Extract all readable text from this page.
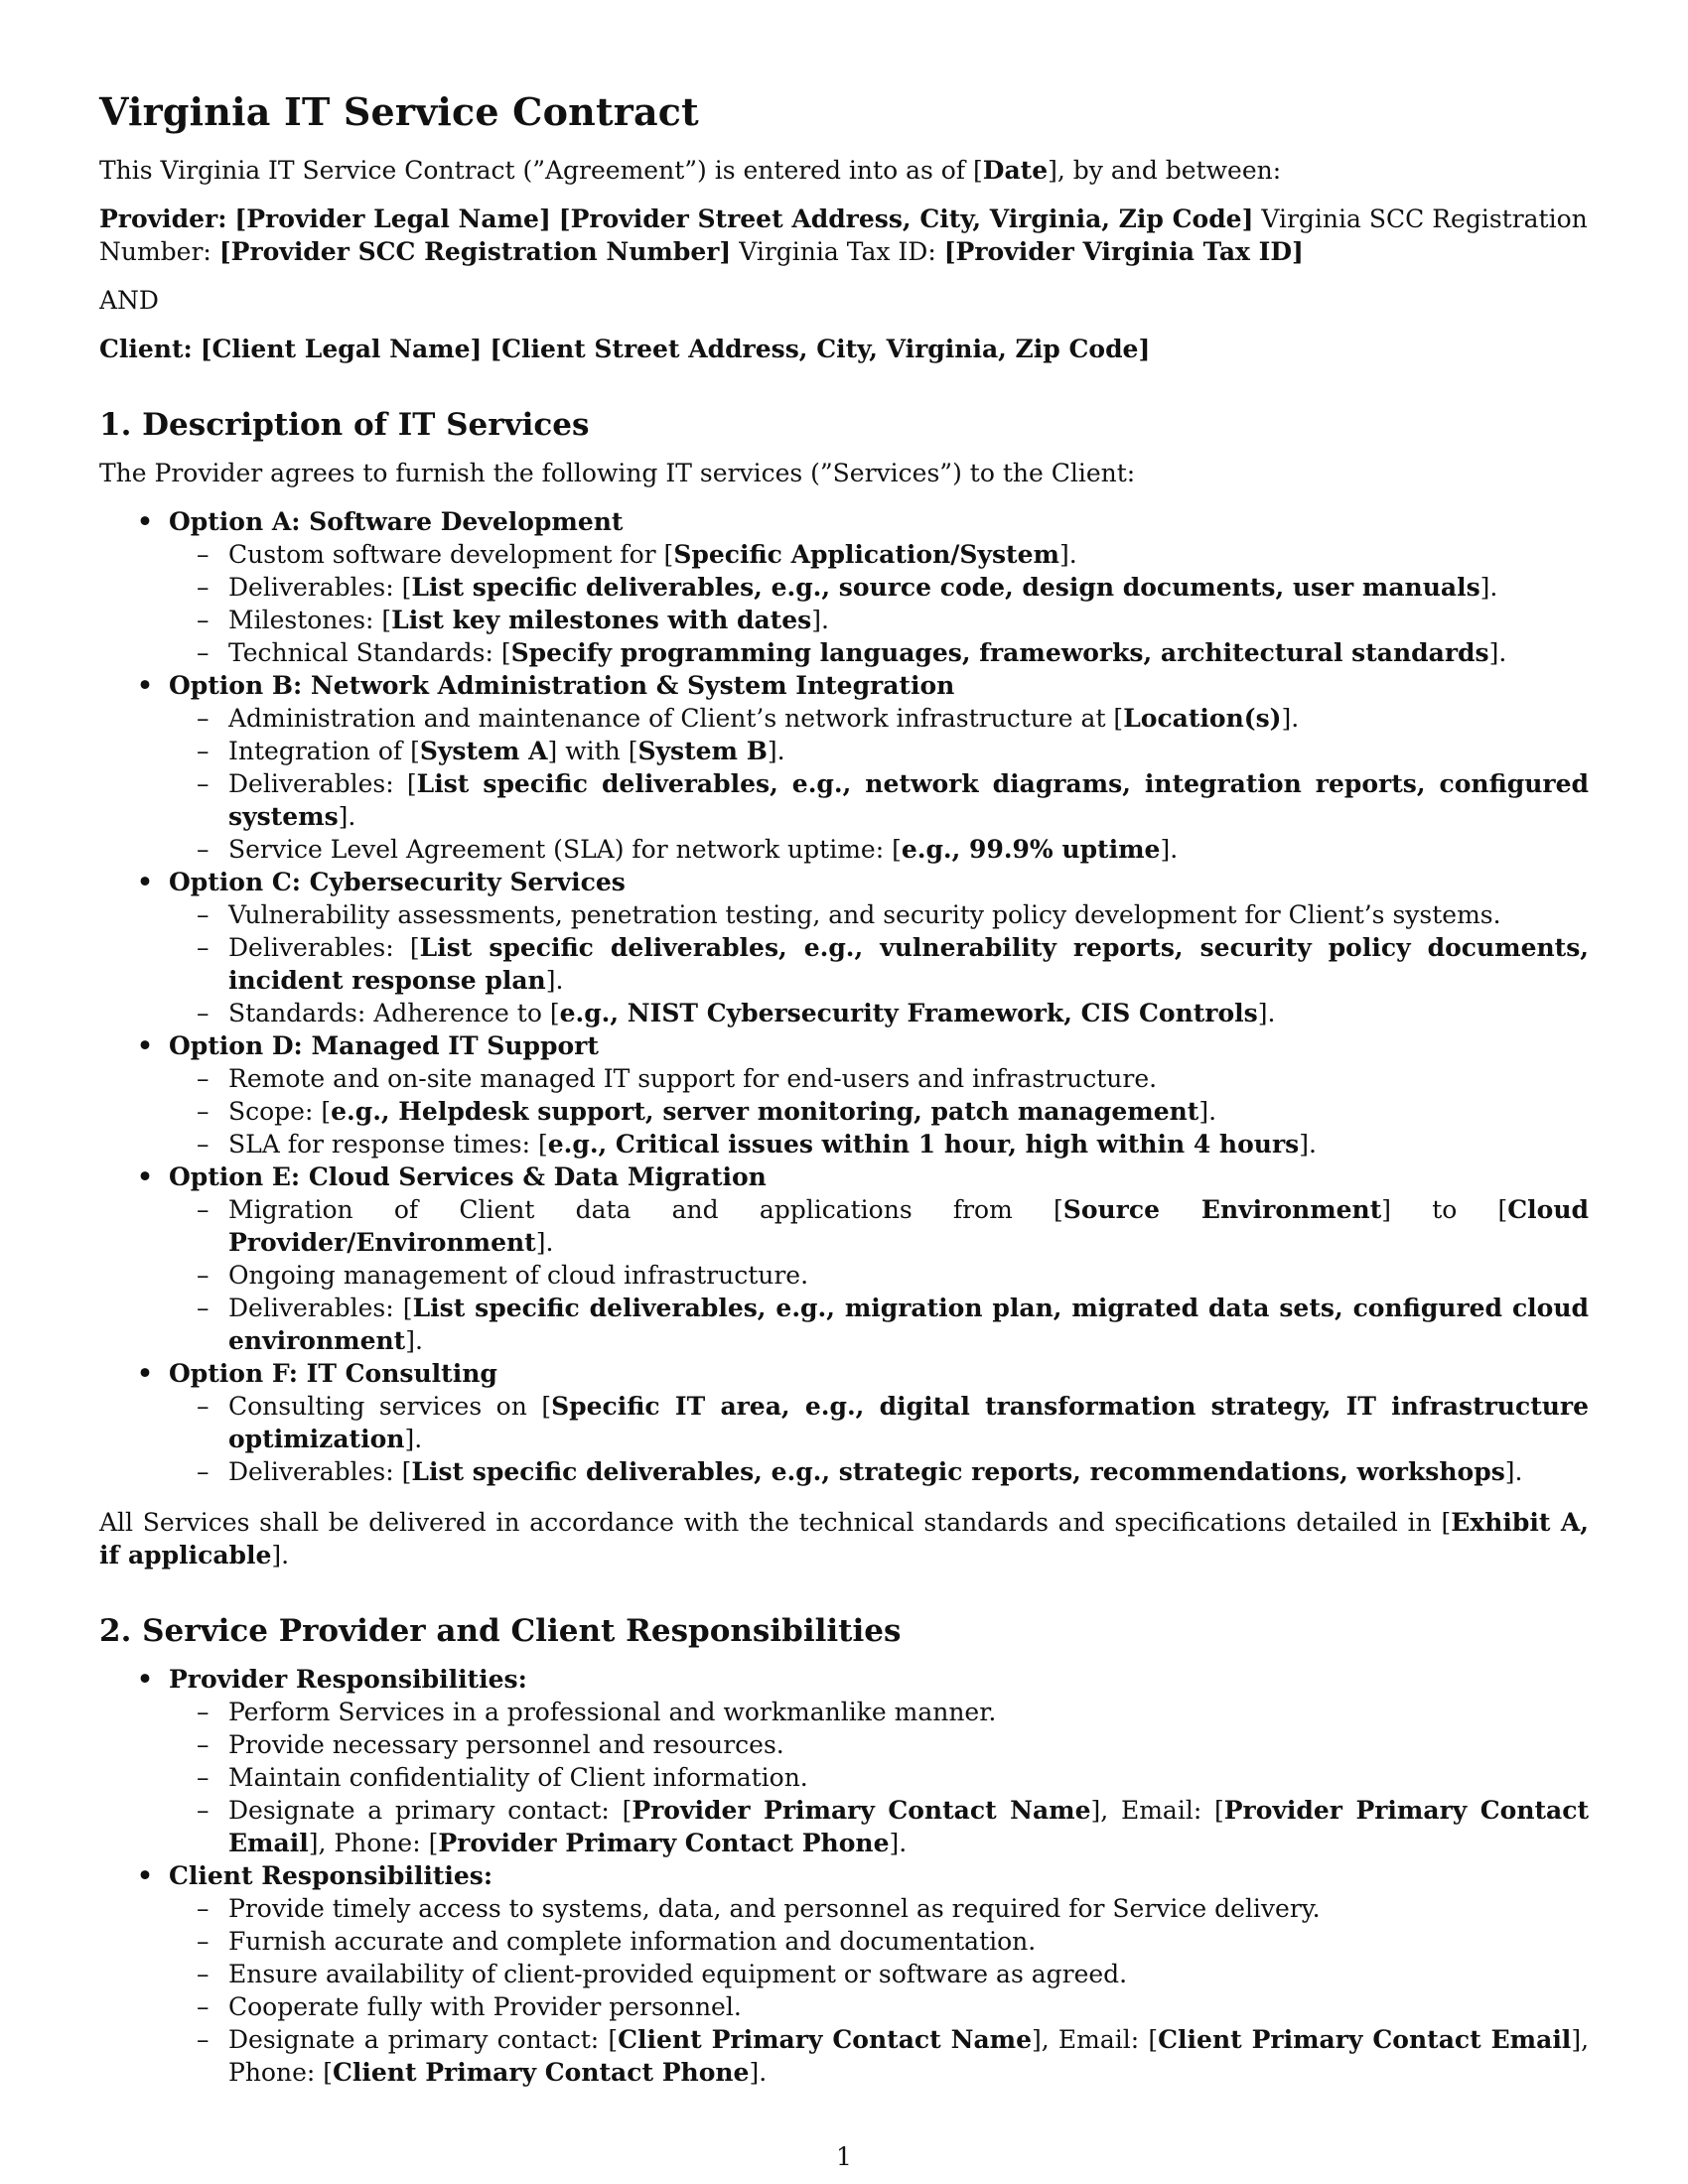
Virginia IT Service Contract

This Virginia IT Service Contract (”Agreement”) is entered into as of [Date], by and between:

Provider: [Provider Legal Name] [Provider Street Address, City, Virginia, Zip Code] Virginia SCC Registration Number: [Provider SCC Registration Number] Virginia Tax ID: [Provider Virginia Tax ID]

AND

Client: [Client Legal Name] [Client Street Address, City, Virginia, Zip Code]

1. Description of IT Services

The Provider agrees to furnish the following IT services (”Services”) to the Client:

• Option A: Software Development
– Custom software development for [Specific Application/System].
– Deliverables: [List specific deliverables, e.g., source code, design documents, user manuals].
– Milestones: [List key milestones with dates].
– Technical Standards: [Specify programming languages, frameworks, architectural standards].
• Option B: Network Administration & System Integration
– Administration and maintenance of Client’s network infrastructure at [Location(s)].
– Integration of [System A] with [System B].
– Deliverables: [List specific deliverables, e.g., network diagrams, integration reports, configured systems].
– Service Level Agreement (SLA) for network uptime: [e.g., 99.9% uptime].
• Option C: Cybersecurity Services
– Vulnerability assessments, penetration testing, and security policy development for Client’s systems.
– Deliverables: [List specific deliverables, e.g., vulnerability reports, security policy documents, incident response plan].
– Standards: Adherence to [e.g., NIST Cybersecurity Framework, CIS Controls].
• Option D: Managed IT Support
– Remote and on-site managed IT support for end-users and infrastructure.
– Scope: [e.g., Helpdesk support, server monitoring, patch management].
– SLA for response times: [e.g., Critical issues within 1 hour, high within 4 hours].
• Option E: Cloud Services & Data Migration
– Migration of Client data and applications from [Source Environment] to [Cloud Provider/Environment].
– Ongoing management of cloud infrastructure.
– Deliverables: [List specific deliverables, e.g., migration plan, migrated data sets, configured cloud environment].
• Option F: IT Consulting
– Consulting services on [Specific IT area, e.g., digital transformation strategy, IT infrastructure optimization].
– Deliverables: [List specific deliverables, e.g., strategic reports, recommendations, workshops].

All Services shall be delivered in accordance with the technical standards and specifications detailed in [Exhibit A, if applicable].

2. Service Provider and Client Responsibilities
• Provider Responsibilities:
– Perform Services in a professional and workmanlike manner.
– Provide necessary personnel and resources.
– Maintain confidentiality of Client information.
– Designate a primary contact: [Provider Primary Contact Name], Email: [Provider Primary Contact Email], Phone: [Provider Primary Contact Phone].
• Client Responsibilities:
– Provide timely access to systems, data, and personnel as required for Service delivery.
– Furnish accurate and complete information and documentation.
– Ensure availability of client-provided equipment or software as agreed.
– Cooperate fully with Provider personnel.
– Designate a primary contact: [Client Primary Contact Name], Email: [Client Primary Contact Email], Phone: [Client Primary Contact Phone].
1
